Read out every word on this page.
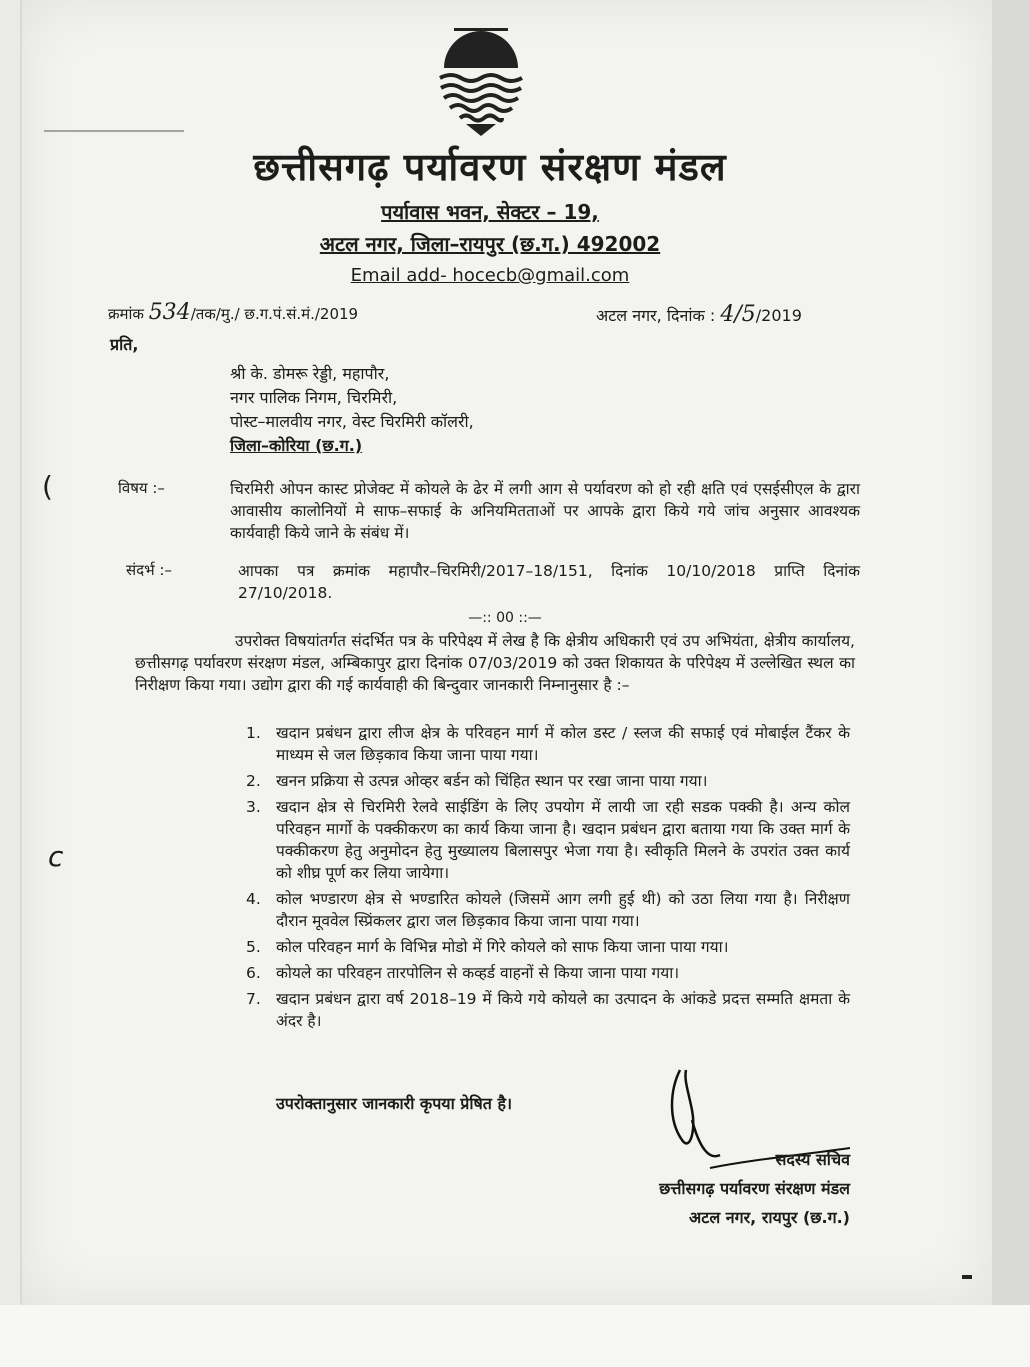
छत्तीसगढ़ पर्यावरण संरक्षण मंडल
पर्यावास भवन, सेक्टर – 19,
अटल नगर, जिला–रायपुर (छ.ग.) 492002
Email add- hocecb@gmail.com
क्रमांक 534/तक/मु./ छ.ग.पं.सं.मं./2019	अटल नगर, दिनांक : 4/5/2019
प्रति,
श्री के. डोमरू रेड्डी, महापौर,
नगर पालिक निगम, चिरमिरी,
पोस्ट–मालवीय नगर, वेस्ट चिरमिरी कॉलरी,
जिला–कोरिया (छ.ग.)
(	विषय :–	चिरमिरी ओपन कास्ट प्रोजेक्ट में कोयले के ढेर में लगी आग से पर्यावरण को हो रही क्षति एवं एसईसीएल के द्वारा आवासीय कालोनियों मे साफ–सफाई के अनियमितताओं पर आपके द्वारा किये गये जांच अनुसार आवश्यक कार्यवाही किये जाने के संबंध में।
संदर्भ :–	आपका पत्र क्रमांक महापौर–चिरमिरी/2017–18/151, दिनांक 10/10/2018 प्राप्ति दिनांक 27/10/2018.
—:: 00 ::—
उपरोक्त विषयांतर्गत संदर्भित पत्र के परिपेक्ष्य में लेख है कि क्षेत्रीय अधिकारी एवं उप अभियंता, क्षेत्रीय कार्यालय, छत्तीसगढ़ पर्यावरण संरक्षण मंडल, अम्बिकापुर द्वारा दिनांक 07/03/2019 को उक्त शिकायत के परिपेक्ष्य में उल्लेखित स्थल का निरीक्षण किया गया। उद्योग द्वारा की गई कार्यवाही की बिन्दुवार जानकारी निम्नानुसार है :–
1. खदान प्रबंधन द्वारा लीज क्षेत्र के परिवहन मार्ग में कोल डस्ट / स्लज की सफाई एवं मोबाईल टैंकर के माध्यम से जल छिड़काव किया जाना पाया गया।
2. खनन प्रक्रिया से उत्पन्न ओव्हर बर्डन को चिंहित स्थान पर रखा जाना पाया गया।
3. खदान क्षेत्र से चिरमिरी रेलवे साईडिंग के लिए उपयोग में लायी जा रही सडक पक्की है। अन्य कोल परिवहन मार्गो के पक्कीकरण का कार्य किया जाना है। खदान प्रबंधन द्वारा बताया गया कि उक्त मार्ग के पक्कीकरण हेतु अनुमोदन हेतु मुख्यालय बिलासपुर भेजा गया है। स्वीकृति मिलने के उपरांत उक्त कार्य को शीघ्र पूर्ण कर लिया जायेगा।
4. कोल भण्डारण क्षेत्र से भण्डारित कोयले (जिसमें आग लगी हुई थी) को उठा लिया गया है। निरीक्षण दौरान मूववेल स्प्रिंकलर द्वारा जल छिड़काव किया जाना पाया गया।
5. कोल परिवहन मार्ग के विभिन्न मोडो में गिरे कोयले को साफ किया जाना पाया गया।
6. कोयले का परिवहन तारपोलिन से कव्हर्ड वाहनों से किया जाना पाया गया।
7. खदान प्रबंधन द्वारा वर्ष 2018–19 में किये गये कोयले का उत्पादन के आंकडे प्रदत्त सम्मति क्षमता के अंदर है।
c
उपरोक्तानुसार जानकारी कृपया प्रेषित है।
सदस्य सचिव
छत्तीसगढ़ पर्यावरण संरक्षण मंडल
अटल नगर, रायपुर (छ.ग.)
